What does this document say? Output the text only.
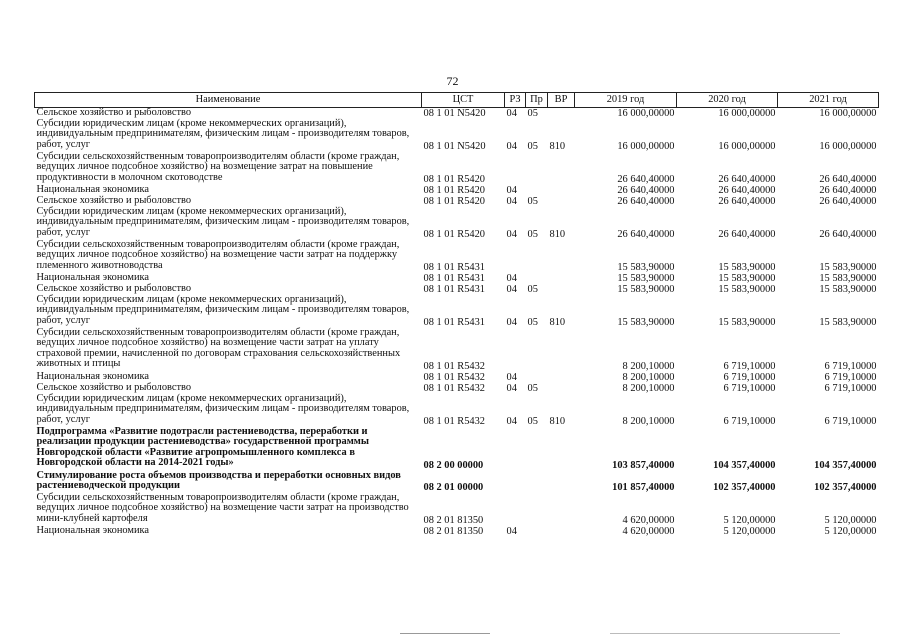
72
Наименование	ЦСТ	РЗ	Пр	ВР	2019 год	2020 год	2021 год
Сельское хозяйство и рыболовство	08 1 01 N5420	04	05		16 000,00000	16 000,00000	16 000,00000
Субсидии юридическим лицам (кроме некоммерческих организаций), индивидуальным предпринимателям, физическим лицам - производителям товаров, работ, услуг	08 1 01 N5420	04	05	810	16 000,00000	16 000,00000	16 000,00000
Субсидии сельскохозяйственным товаропроизводителям области (кроме граждан, ведущих личное подсобное хозяйство) на возмещение затрат на повышение продуктивности в молочном скотоводстве	08 1 01 R5420				26 640,40000	26 640,40000	26 640,40000
Национальная экономика	08 1 01 R5420	04			26 640,40000	26 640,40000	26 640,40000
Сельское хозяйство и рыболовство	08 1 01 R5420	04	05		26 640,40000	26 640,40000	26 640,40000
Субсидии юридическим лицам (кроме некоммерческих организаций), индивидуальным предпринимателям, физическим лицам - производителям товаров, работ, услуг	08 1 01 R5420	04	05	810	26 640,40000	26 640,40000	26 640,40000
Субсидии сельскохозяйственным товаропроизводителям области (кроме граждан, ведущих личное подсобное хозяйство) на возмещение части затрат на поддержку племенного животноводства	08 1 01 R5431				15 583,90000	15 583,90000	15 583,90000
Национальная экономика	08 1 01 R5431	04			15 583,90000	15 583,90000	15 583,90000
Сельское хозяйство и рыболовство	08 1 01 R5431	04	05		15 583,90000	15 583,90000	15 583,90000
Субсидии юридическим лицам (кроме некоммерческих организаций), индивидуальным предпринимателям, физическим лицам - производителям товаров, работ, услуг	08 1 01 R5431	04	05	810	15 583,90000	15 583,90000	15 583,90000
Субсидии сельскохозяйственным товаропроизводителям области (кроме граждан, ведущих личное подсобное хозяйство) на возмещение части затрат на уплату страховой премии, начисленной по договорам страхования сельскохозяйственных животных и птицы	08 1 01 R5432				8 200,10000	6 719,10000	6 719,10000
Национальная экономика	08 1 01 R5432	04			8 200,10000	6 719,10000	6 719,10000
Сельское хозяйство и рыболовство	08 1 01 R5432	04	05		8 200,10000	6 719,10000	6 719,10000
Субсидии юридическим лицам (кроме некоммерческих организаций), индивидуальным предпринимателям, физическим лицам - производителям товаров, работ, услуг	08 1 01 R5432	04	05	810	8 200,10000	6 719,10000	6 719,10000
Подпрограмма «Развитие подотрасли растениеводства, переработки и реализации продукции растениеводства» государственной программы Новгородской области «Развитие агропромышленного комплекса в Новгородской области на 2014-2021 годы»	08 2 00 00000				103 857,40000	104 357,40000	104 357,40000
Стимулирование роста объемов производства и переработки основных видов растениеводческой продукции	08 2 01 00000				101 857,40000	102 357,40000	102 357,40000
Субсидии сельскохозяйственным товаропроизводителям области (кроме граждан, ведущих личное подсобное хозяйство) на возмещение части затрат на производство мини-клубней картофеля	08 2 01 81350				4 620,00000	5 120,00000	5 120,00000
Национальная экономика	08 2 01 81350	04			4 620,00000	5 120,00000	5 120,00000
